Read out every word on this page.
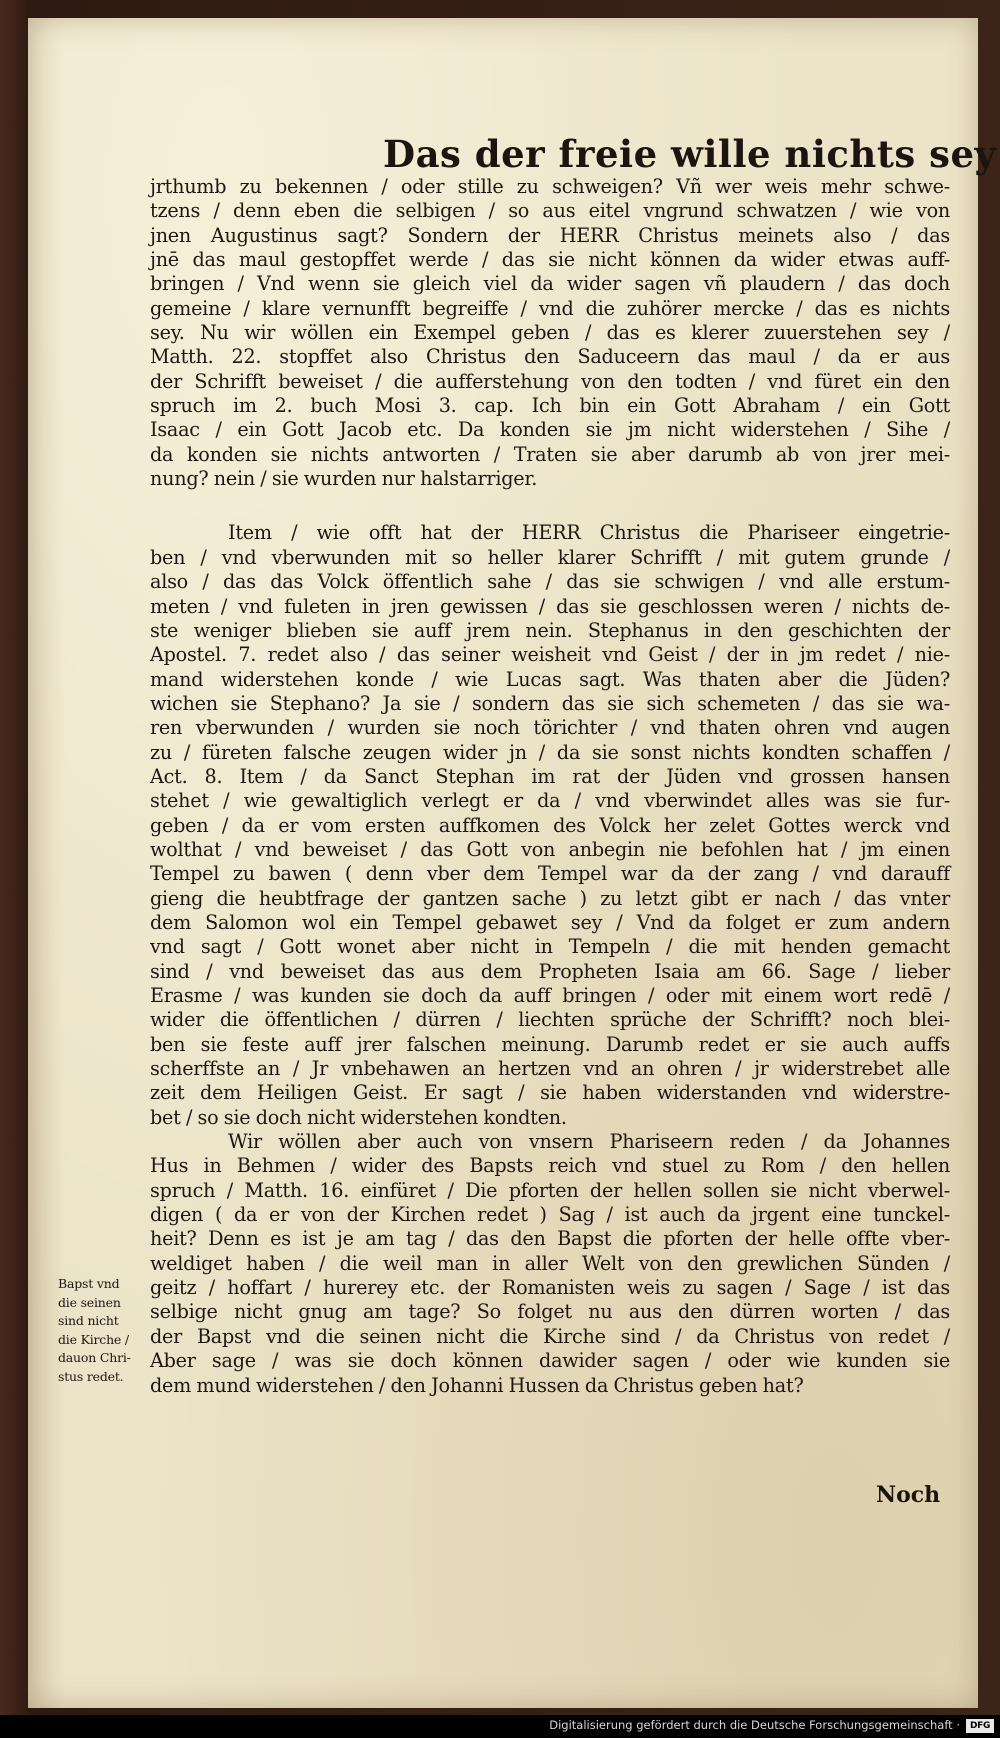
Das der freie wille nichts sey
jrthumb zu bekennen / oder stille zu schweigen? Vñ wer weis mehr schwe-
tzens / denn eben die selbigen / so aus eitel vngrund schwatzen / wie von
jnen Augustinus sagt? Sondern der HERR Christus meinets also / das
jnē das maul gestopffet werde / das sie nicht können da wider etwas auff-
bringen / Vnd wenn sie gleich viel da wider sagen vñ plaudern / das doch
gemeine / klare vernunfft begreiffe / vnd die zuhörer mercke / das es nichts
sey. Nu wir wöllen ein Exempel geben / das es klerer zuuerstehen sey /
Matth. 22. stopffet also Christus den Saduceern das maul / da er aus
der Schrifft beweiset / die aufferstehung von den todten / vnd füret ein den
spruch im 2. buch Mosi 3. cap. Ich bin ein Gott Abraham / ein Gott
Isaac / ein Gott Jacob etc. Da konden sie jm nicht widerstehen / Sihe /
da konden sie nichts antworten / Traten sie aber darumb ab von jrer mei-
nung? nein / sie wurden nur halstarriger.
Item / wie offt hat der HERR Christus die Phariseer eingetrie-
ben / vnd vberwunden mit so heller klarer Schrifft / mit gutem grunde /
also / das das Volck öffentlich sahe / das sie schwigen / vnd alle erstum-
meten / vnd fuleten in jren gewissen / das sie geschlossen weren / nichts de-
ste weniger blieben sie auff jrem nein. Stephanus in den geschichten der
Apostel. 7. redet also / das seiner weisheit vnd Geist / der in jm redet / nie-
mand widerstehen konde / wie Lucas sagt. Was thaten aber die Jüden?
wichen sie Stephano? Ja sie / sondern das sie sich schemeten / das sie wa-
ren vberwunden / wurden sie noch törichter / vnd thaten ohren vnd augen
zu / füreten falsche zeugen wider jn / da sie sonst nichts kondten schaffen /
Act. 8. Item / da Sanct Stephan im rat der Jüden vnd grossen hansen
stehet / wie gewaltiglich verlegt er da / vnd vberwindet alles was sie fur-
geben / da er vom ersten auffkomen des Volck her zelet Gottes werck vnd
wolthat / vnd beweiset / das Gott von anbegin nie befohlen hat / jm einen
Tempel zu bawen ( denn vber dem Tempel war da der zang / vnd darauff
gieng die heubtfrage der gantzen sache ) zu letzt gibt er nach / das vnter
dem Salomon wol ein Tempel gebawet sey / Vnd da folget er zum andern
vnd sagt / Gott wonet aber nicht in Tempeln / die mit henden gemacht
sind / vnd beweiset das aus dem Propheten Isaia am 66. Sage / lieber
Erasme / was kunden sie doch da auff bringen / oder mit einem wort redē /
wider die öffentlichen / dürren / liechten sprüche der Schrifft? noch blei-
ben sie feste auff jrer falschen meinung. Darumb redet er sie auch auffs
scherffste an / Jr vnbehawen an hertzen vnd an ohren / jr widerstrebet alle
zeit dem Heiligen Geist. Er sagt / sie haben widerstanden vnd widerstre-
bet / so sie doch nicht widerstehen kondten.
Wir wöllen aber auch von vnsern Phariseern reden / da Johannes
Hus in Behmen / wider des Bapsts reich vnd stuel zu Rom / den hellen
spruch / Matth. 16. einfüret / Die pforten der hellen sollen sie nicht vberwel-
digen ( da er von der Kirchen redet ) Sag / ist auch da jrgent eine tunckel-
heit? Denn es ist je am tag / das den Bapst die pforten der helle offte vber-
weldiget haben / die weil man in aller Welt von den grewlichen Sünden /
geitz / hoffart / hurerey etc. der Romanisten weis zu sagen / Sage / ist das
selbige nicht gnug am tage? So folget nu aus den dürren worten / das
der Bapst vnd die seinen nicht die Kirche sind / da Christus von redet /
Aber sage / was sie doch können dawider sagen / oder wie kunden sie
dem mund widerstehen / den Johanni Hussen da Christus geben hat?
Bapst vnd
die seinen
sind nicht
die Kirche /
dauon Chri-
stus redet.
Noch
Digitalisierung gefördert durch die Deutsche Forschungsgemeinschaft ·	DFG
